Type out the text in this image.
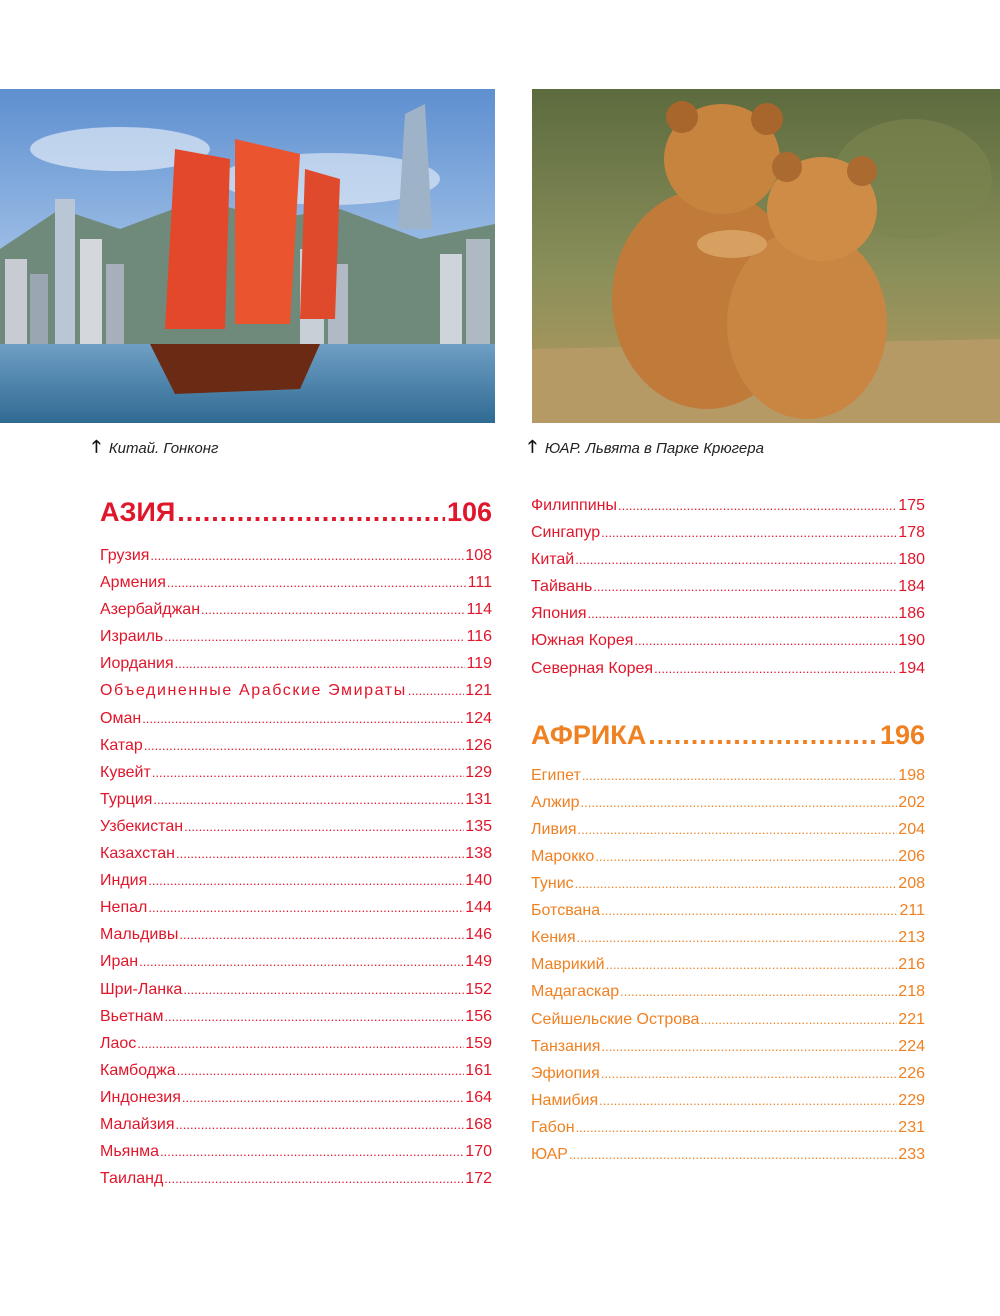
🡑 Китай. Гонконг	🡑 ЮАР. Львята в Парке Крюгера
АЗИЯ .....	106
Грузия .....	108
Армения .....	111
Азербайджан .....	114
Израиль .....	116
Иордания .....	119
Объединенные Арабские Эмираты .....	121
Оман .....	124
Катар .....	126
Кувейт .....	129
Турция .....	131
Узбекистан .....	135
Казахстан .....	138
Индия .....	140
Непал .....	144
Мальдивы .....	146
Иран .....	149
Шри-Ланка .....	152
Вьетнам .....	156
Лаос .....	159
Камбоджа .....	161
Индонезия .....	164
Малайзия .....	168
Мьянма .....	170
Таиланд .....	172
Филиппины .....	175
Сингапур .....	178
Китай .....	180
Тайвань .....	184
Япония .....	186
Южная Корея .....	190
Северная Корея .....	194
АФРИКА .....	196
Египет .....	198
Алжир .....	202
Ливия .....	204
Марокко .....	206
Тунис .....	208
Ботсвана .....	211
Кения .....	213
Маврикий .....	216
Мадагаскар .....	218
Сейшельские Острова .....	221
Танзания .....	224
Эфиопия .....	226
Намибия .....	229
Габон .....	231
ЮАР .....	233
